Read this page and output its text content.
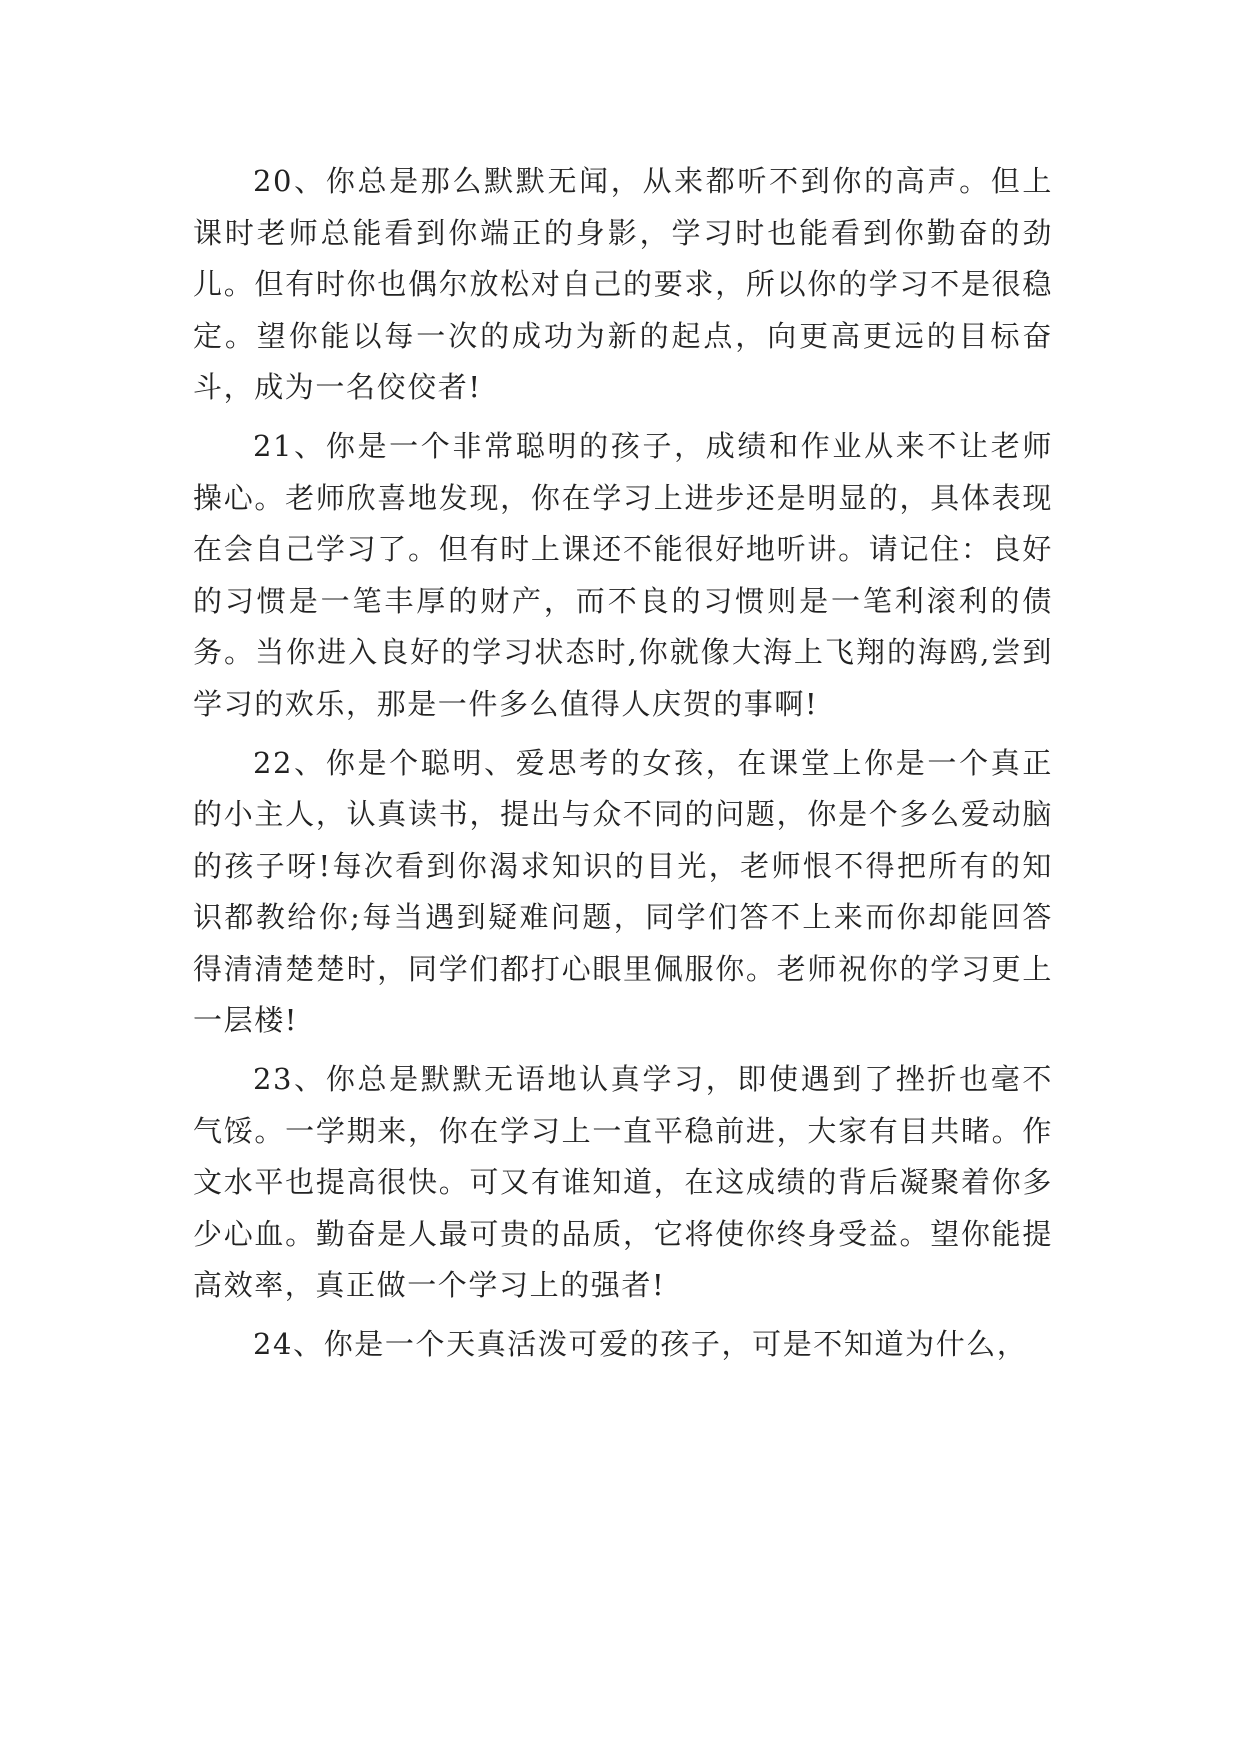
20、你总是那么默默无闻，从来都听不到你的高声。但上课时老师总能看到你端正的身影，学习时也能看到你勤奋的劲儿。但有时你也偶尔放松对自己的要求，所以你的学习不是很稳定。望你能以每一次的成功为新的起点，向更高更远的目标奋斗，成为一名佼佼者!

21、你是一个非常聪明的孩子，成绩和作业从来不让老师操心。老师欣喜地发现，你在学习上进步还是明显的，具体表现在会自己学习了。但有时上课还不能很好地听讲。请记住：良好的习惯是一笔丰厚的财产，而不良的习惯则是一笔利滚利的债务。当你进入良好的学习状态时,你就像大海上飞翔的海鸥,尝到学习的欢乐，那是一件多么值得人庆贺的事啊!

22、你是个聪明、爱思考的女孩，在课堂上你是一个真正的小主人，认真读书，提出与众不同的问题，你是个多么爱动脑的孩子呀!每次看到你渴求知识的目光，老师恨不得把所有的知识都教给你;每当遇到疑难问题，同学们答不上来而你却能回答得清清楚楚时，同学们都打心眼里佩服你。老师祝你的学习更上一层楼!

23、你总是默默无语地认真学习，即使遇到了挫折也毫不气馁。一学期来，你在学习上一直平稳前进，大家有目共睹。作文水平也提高很快。可又有谁知道，在这成绩的背后凝聚着你多少心血。勤奋是人最可贵的品质，它将使你终身受益。望你能提高效率，真正做一个学习上的强者!

24、你是一个天真活泼可爱的孩子，可是不知道为什么，
